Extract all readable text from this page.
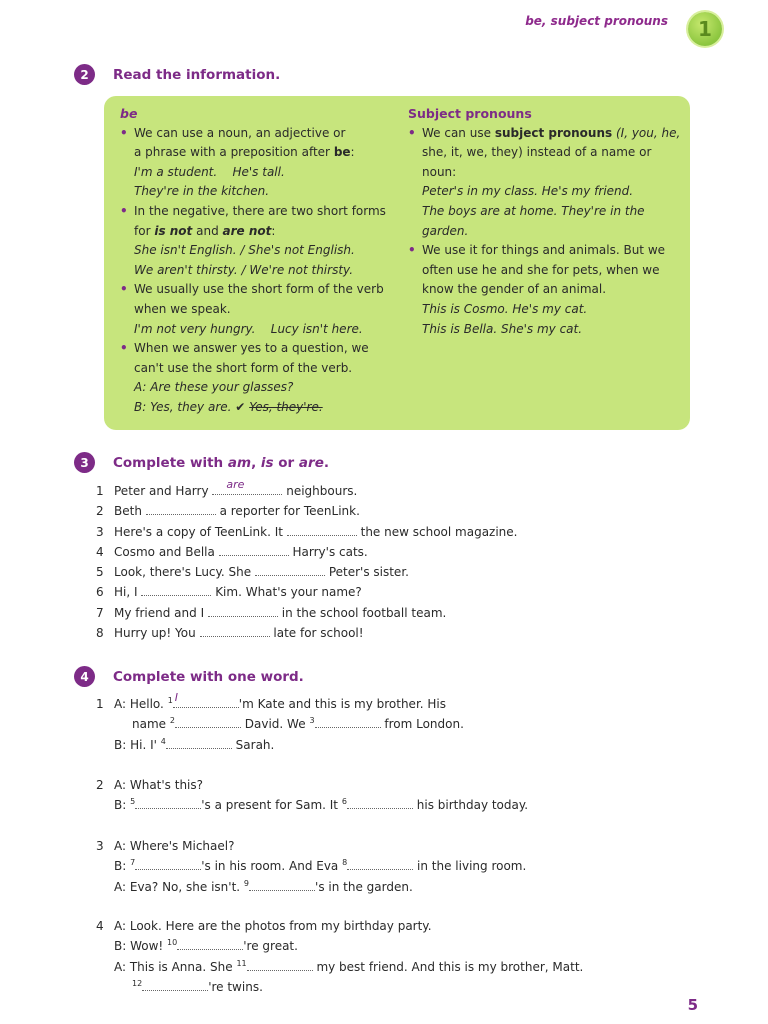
be, subject pronouns	1
2	Read the information.
be
• We can use a noun, an adjective or
a phrase with a preposition after be:
I'm a student. He's tall.
They're in the kitchen.
• In the negative, there are two short forms
for is not and are not:
She isn't English. / She's not English.
We aren't thirsty. / We're not thirsty.
• We usually use the short form of the verb
when we speak.
I'm not very hungry. Lucy isn't here.
• When we answer yes to a question, we
can't use the short form of the verb.
A: Are these your glasses?
B: Yes, they are. ✔ Yes, they're.
Subject pronouns
• We can use subject pronouns (I, you, he,
she, it, we, they) instead of a name or
noun:
Peter's in my class. He's my friend.
The boys are at home. They're in the
garden.
• We use it for things and animals. But we
often use he and she for pets, when we
know the gender of an animal.
This is Cosmo. He's my cat.
This is Bella. She's my cat.
3	Complete with am, is or are.
1 Peter and Harry are	neighbours.
2 Beth	a reporter for TeenLink.
3 Here's a copy of TeenLink. It	the new school magazine.
4 Cosmo and Bella	Harry's cats.
5 Look, there's Lucy. She	Peter's sister.
6 Hi, I	Kim. What's your name?
7 My friend and I	in the school football team.
8 Hurry up! You	late for school!
4	Complete with one word.
1 A: Hello. $^1$ I	'm Kate and this is my brother. His
name $^2$	David. We $^3$	from London.
B: Hi. I' $^4$	Sarah.
2 A: What's this?
B: $^5$	's a present for Sam. It $^6$	his birthday today.
3 A: Where's Michael?
B: $^7$	's in his room. And Eva $^8$	in the living room.
A: Eva? No, she isn't. $^9$	's in the garden.
4 A: Look. Here are the photos from my birthday party.
B: Wow! $^{10}$	're great.
A: This is Anna. She $^{11}$	my best friend. And this is my brother, Matt.
$^{12}$	're twins.
5
